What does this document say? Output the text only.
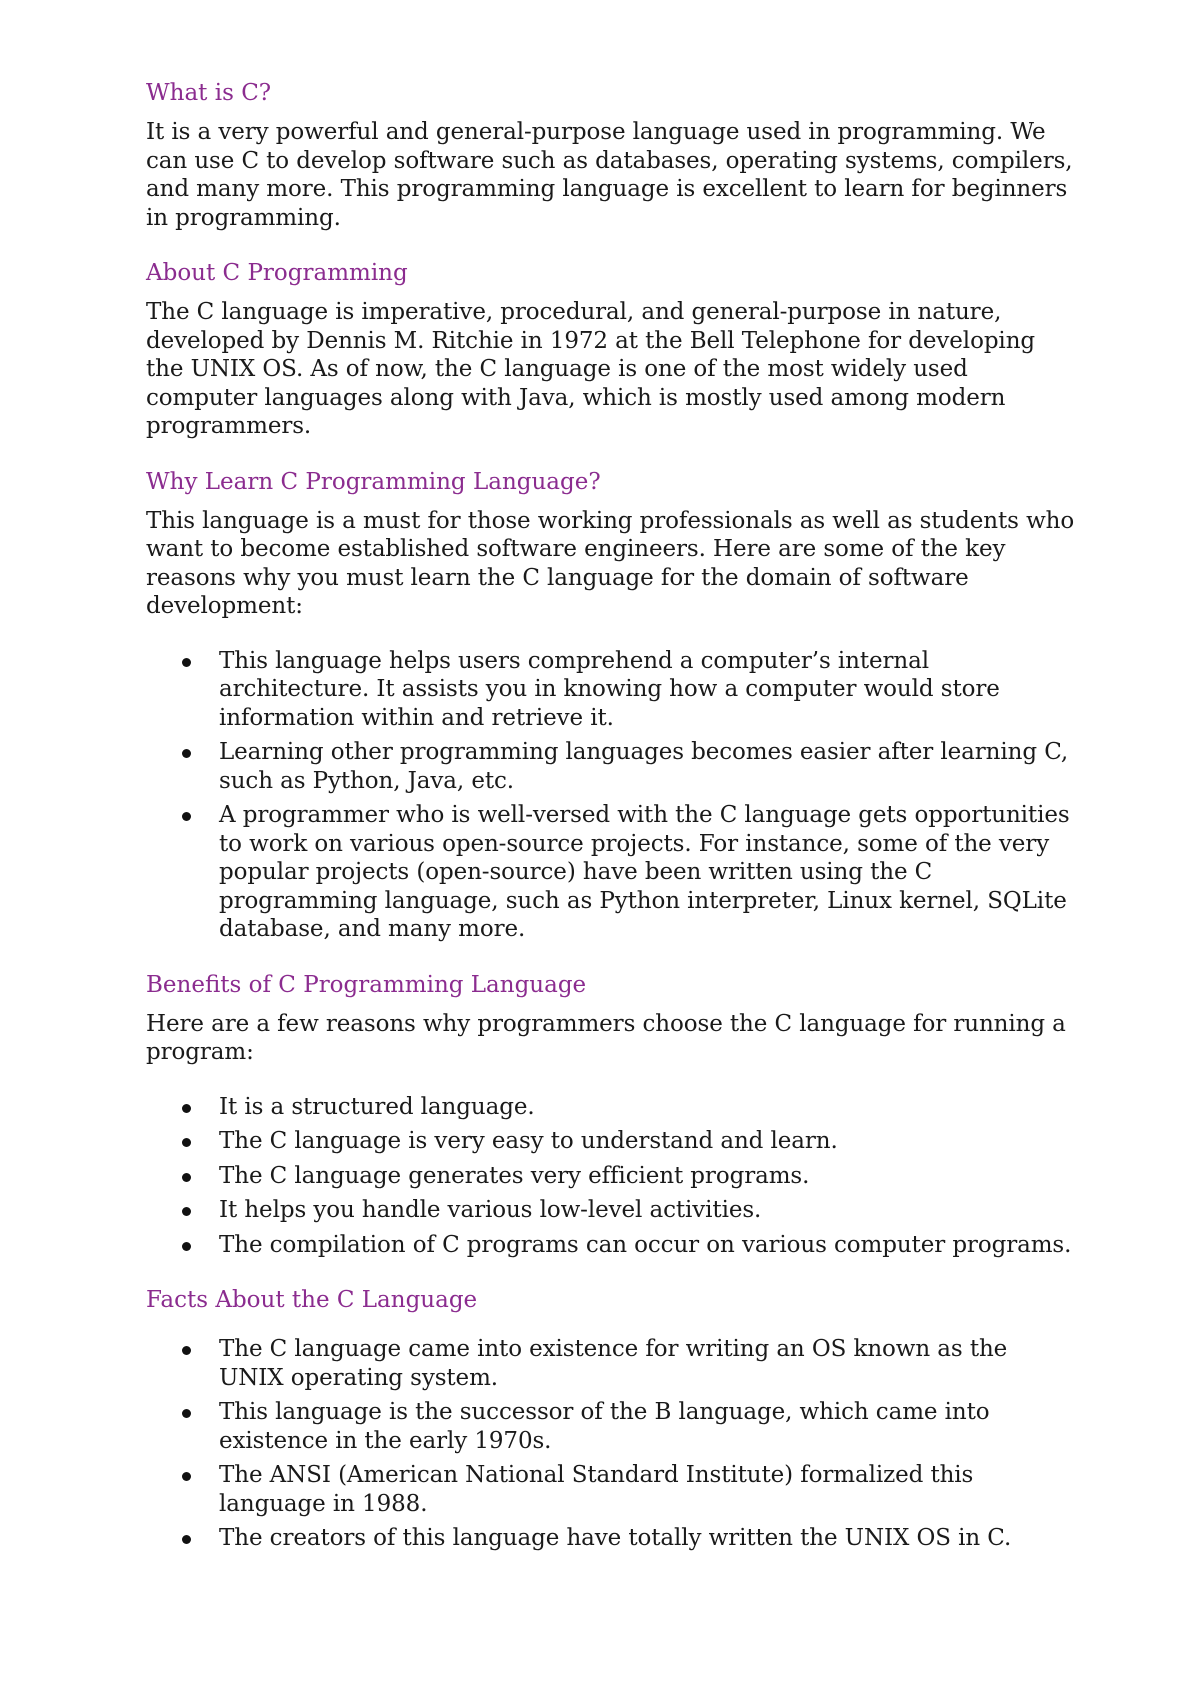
What is C?

It is a very powerful and general-purpose language used in programming. We can use C to develop software such as databases, operating systems, compilers, and many more. This programming language is excellent to learn for beginners in programming.

About C Programming

The C language is imperative, procedural, and general-purpose in nature, developed by Dennis M. Ritchie in 1972 at the Bell Telephone for developing the UNIX OS. As of now, the C language is one of the most widely used computer languages along with Java, which is mostly used among modern programmers.

Why Learn C Programming Language?

This language is a must for those working professionals as well as students who want to become established software engineers. Here are some of the key reasons why you must learn the C language for the domain of software development:

This language helps users comprehend a computer’s internal architecture. It assists you in knowing how a computer would store information within and retrieve it.
Learning other programming languages becomes easier after learning C, such as Python, Java, etc.
A programmer who is well-versed with the C language gets opportunities to work on various open-source projects. For instance, some of the very popular projects (open-source) have been written using the C programming language, such as Python interpreter, Linux kernel, SQLite database, and many more.
Benefits of C Programming Language

Here are a few reasons why programmers choose the C language for running a program:

It is a structured language.
The C language is very easy to understand and learn.
The C language generates very efficient programs.
It helps you handle various low-level activities.
The compilation of C programs can occur on various computer programs.
Facts About the C Language
The C language came into existence for writing an OS known as the UNIX operating system.
This language is the successor of the B language, which came into existence in the early 1970s.
The ANSI (American National Standard Institute) formalized this language in 1988.
The creators of this language have totally written the UNIX OS in C.
